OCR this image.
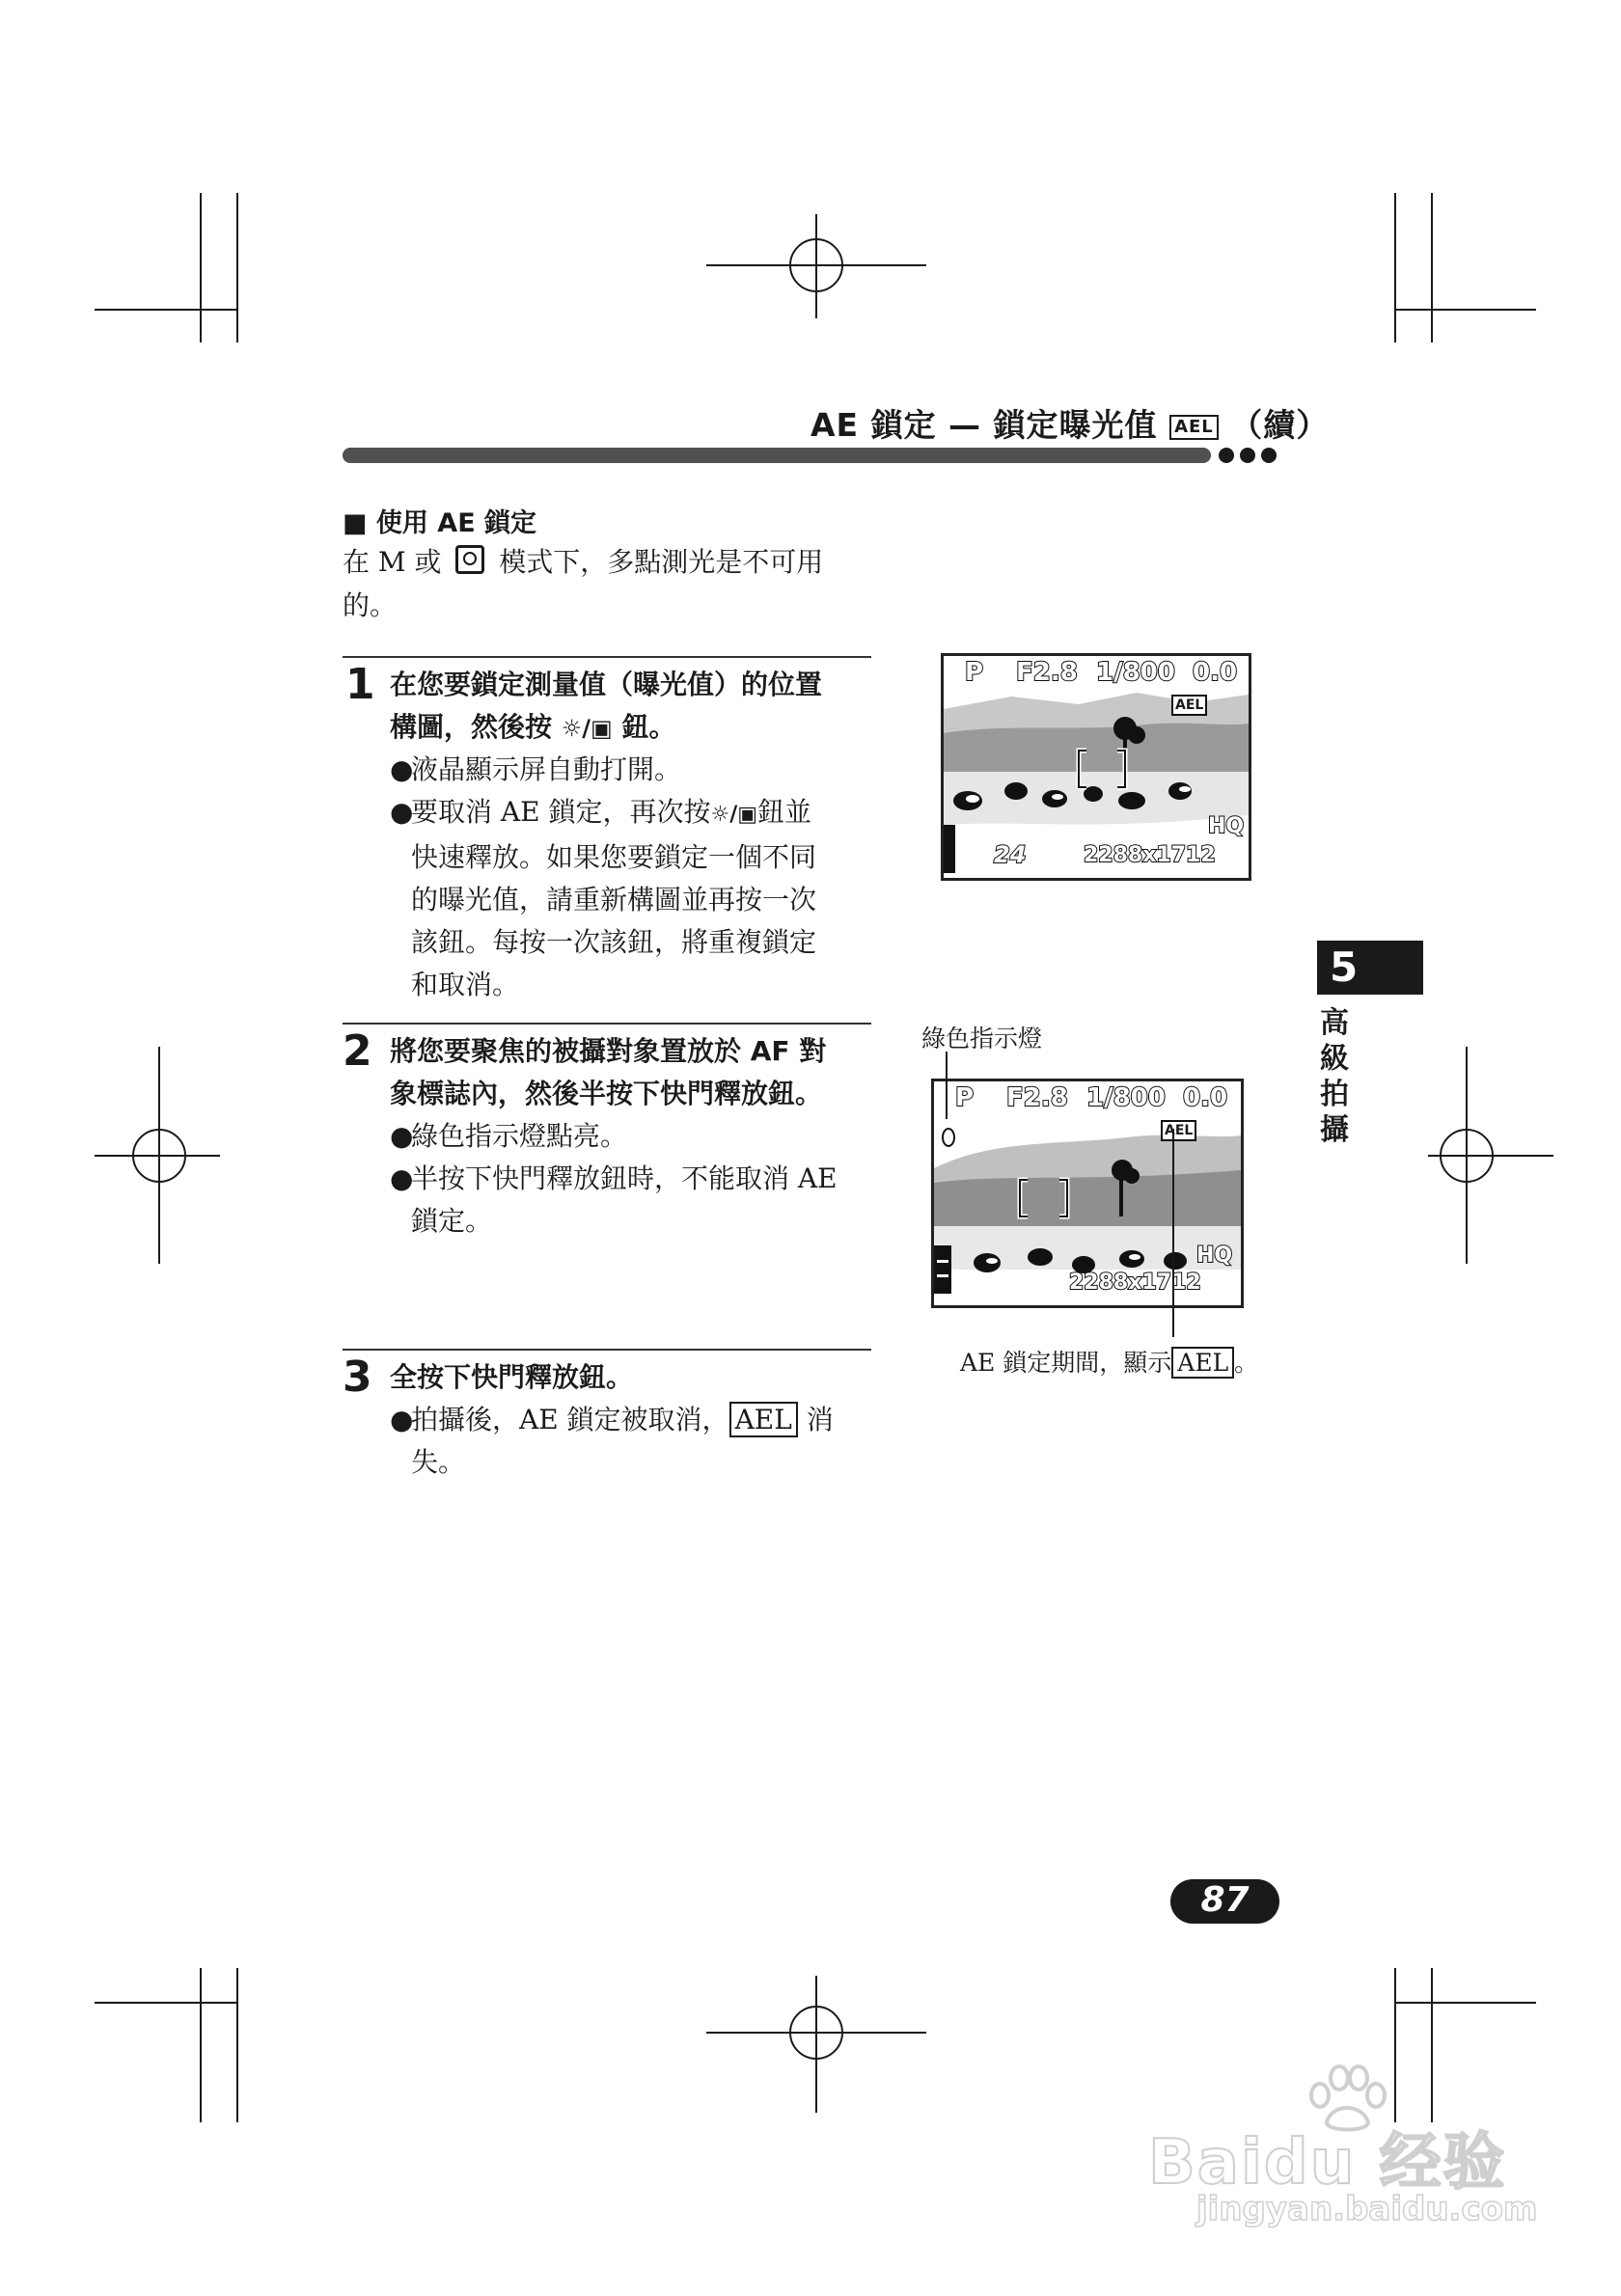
AE 鎖定 — 鎖定曝光值 AEL （續）
■ 使用 AE 鎖定
在 M 或 模式下，多點測光是不可用
的。
1 在您要鎖定測量值（曝光值）的位置
構圖，然後按 ☼/▣ 鈕。
●
液晶顯示屏自動打開。
●
要取消 AE 鎖定，再次按☼/▣鈕並
快速釋放。如果您要鎖定一個不同
的曝光值，請重新構圖並再按一次
該鈕。每按一次該鈕，將重複鎖定
和取消。
2 將您要聚焦的被攝對象置放於 AF 對
象標誌內，然後半按下快門釋放鈕。
●
綠色指示燈點亮。
●
半按下快門釋放鈕時，不能取消 AE
鎖定。
3 全按下快門釋放鈕。
●
拍攝後，AE 鎖定被取消， AEL 消
失。
P F2.8 1/800 0.0
AEL
HQ
24	2288x1712
綠色指示燈
P F2.8 1/800 0.0
AEL
HQ
2288x1712
AE 鎖定期間，顯示 AEL 。
5
高級拍攝
87
Baidu 经验
jingyan.baidu.com
